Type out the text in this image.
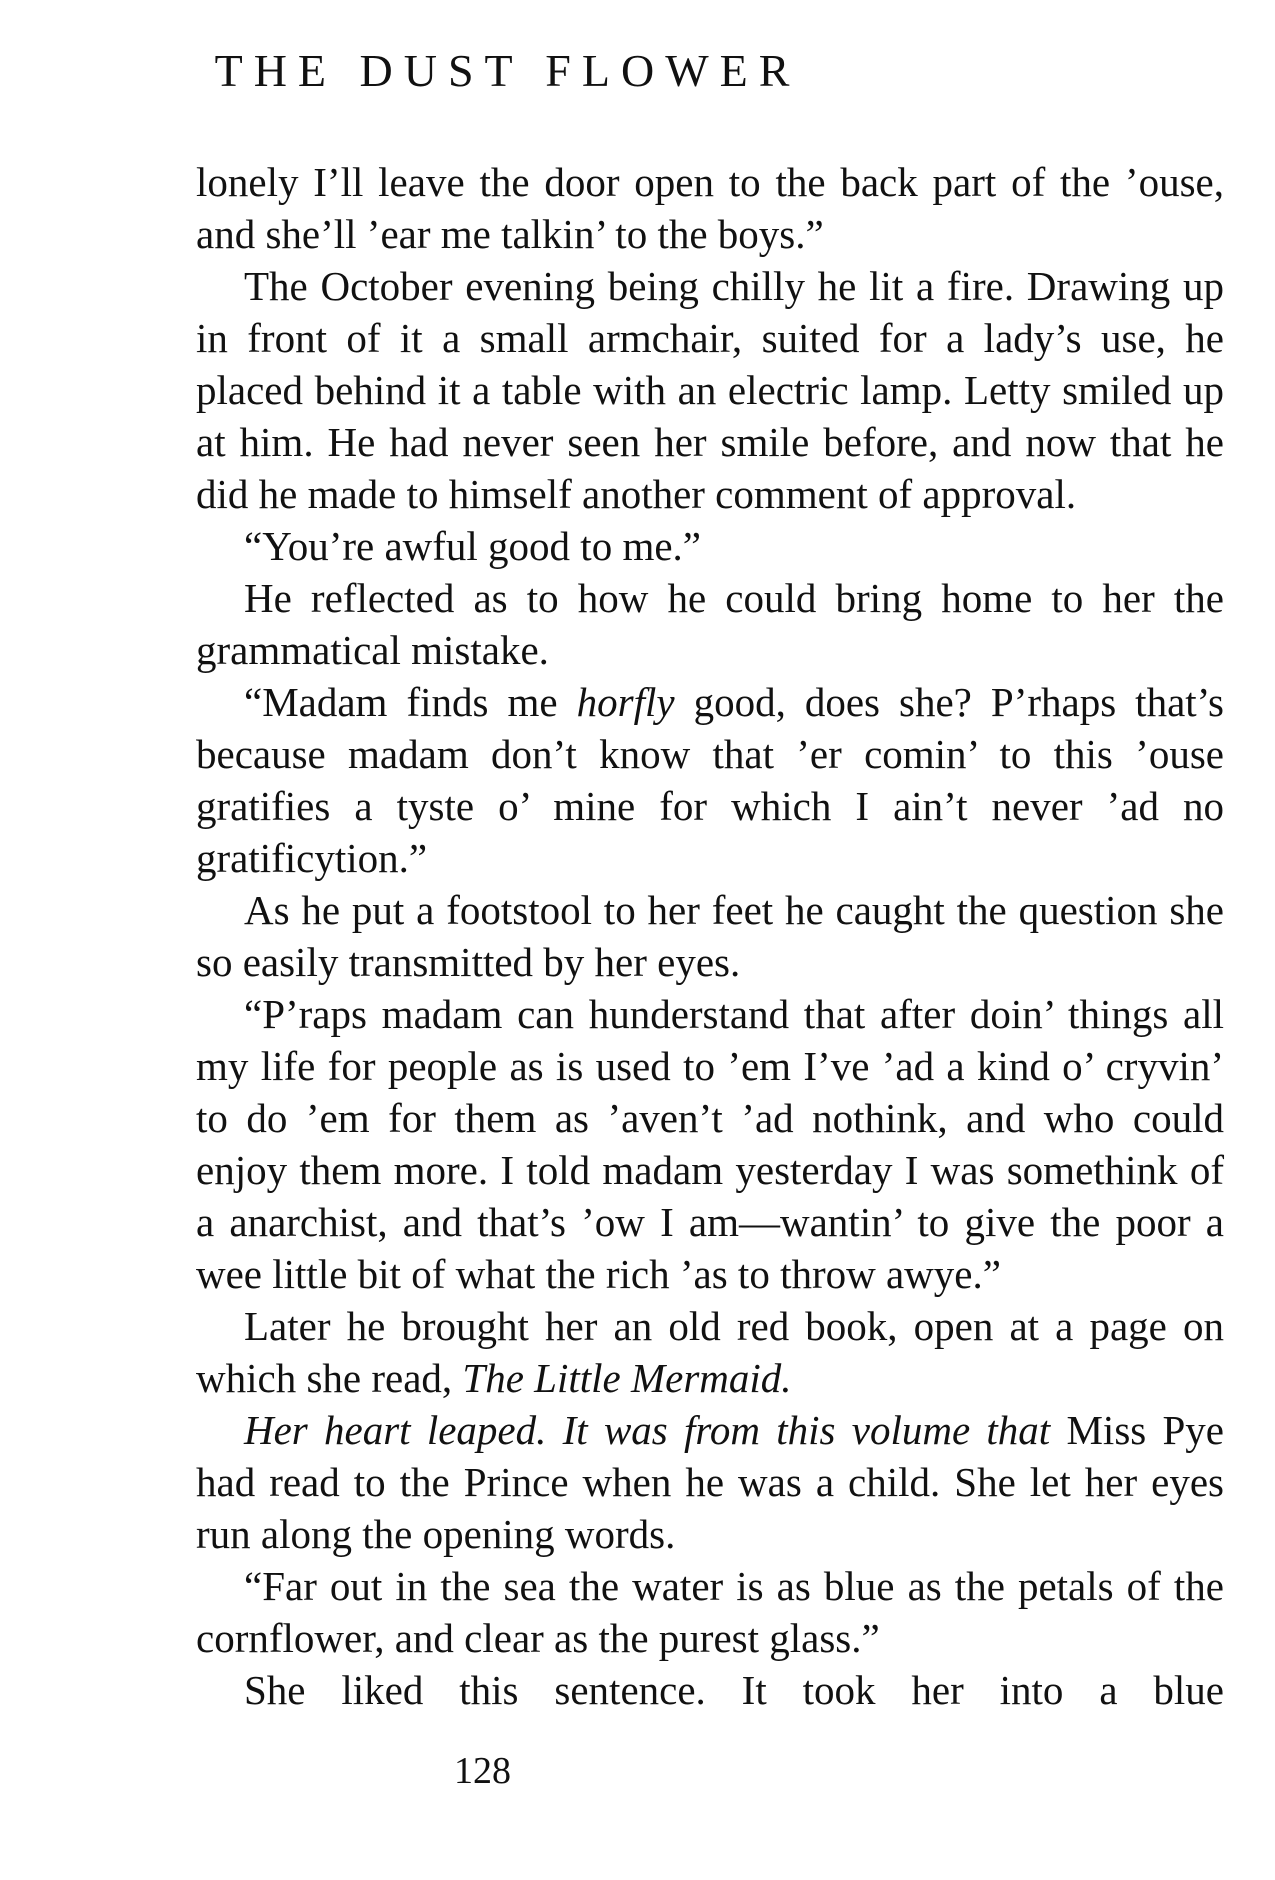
THE DUST FLOWER

lonely I’ll leave the door open to the back part of the ’ouse, and she’ll ’ear me talkin’ to the boys.”

The October evening being chilly he lit a fire. Drawing up in front of it a small armchair, suited for a lady’s use, he placed behind it a table with an electric lamp. Letty smiled up at him. He had never seen her smile before, and now that he did he made to himself another comment of approval.

“You’re awful good to me.”

He reflected as to how he could bring home to her the grammatical mistake.

“Madam finds me horfly good, does she? P’rhaps that’s because madam don’t know that ’er comin’ to this ’ouse gratifies a tyste o’ mine for which I ain’t never ’ad no gratificytion.”

As he put a footstool to her feet he caught the question she so easily transmitted by her eyes.

“P’raps madam can hunderstand that after doin’ things all my life for people as is used to ’em I’ve ’ad a kind o’ cryvin’ to do ’em for them as ’aven’t ’ad nothink, and who could enjoy them more. I told madam yesterday I was somethink of a anarchist, and that’s ’ow I am—wantin’ to give the poor a wee little bit of what the rich ’as to throw awye.”

Later he brought her an old red book, open at a page on which she read, The Little Mermaid.

Her heart leaped. It was from this volume that Miss Pye had read to the Prince when he was a child. She let her eyes run along the opening words.

“Far out in the sea the water is as blue as the petals of the cornflower, and clear as the purest glass.”

She liked this sentence. It took her into a blue

128
